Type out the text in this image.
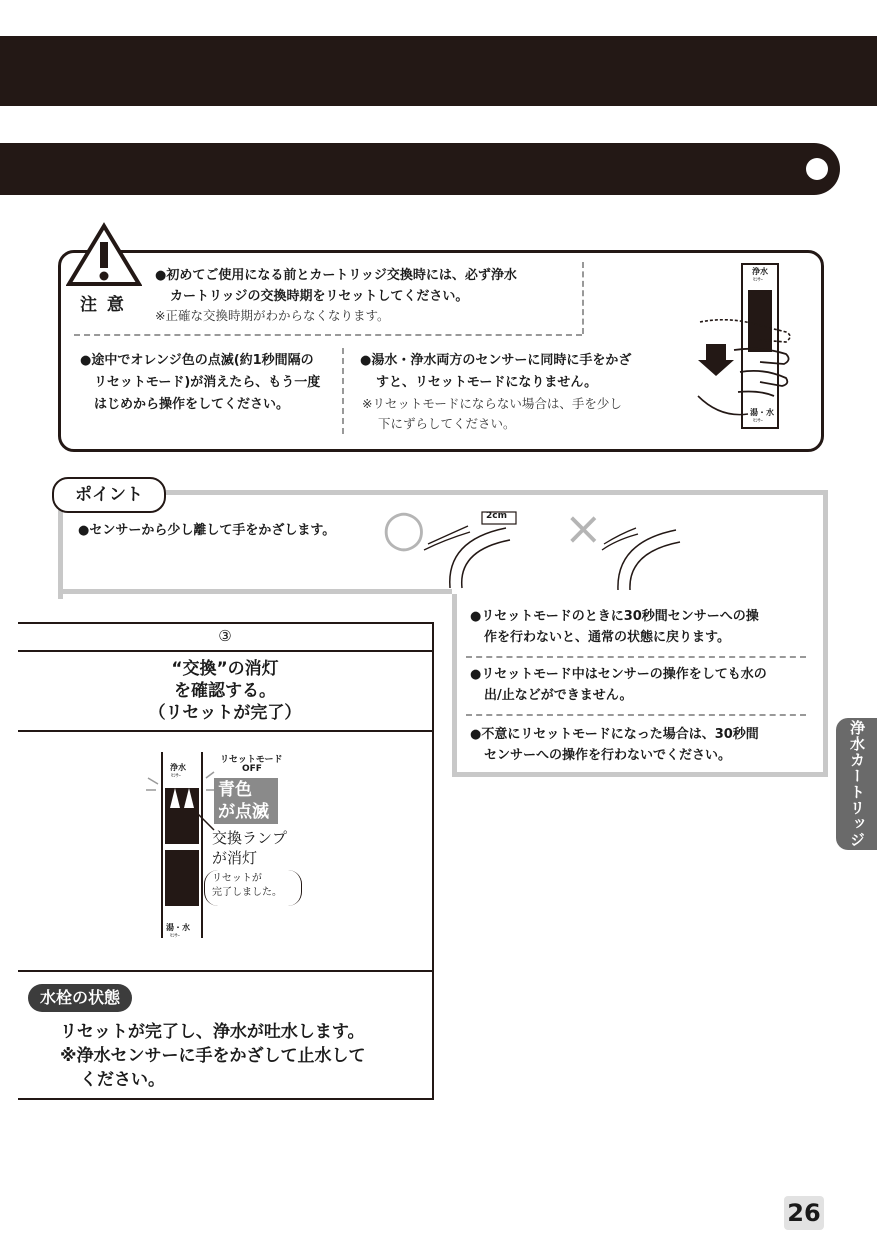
注 意
●初めてご使用になる前とカートリッジ交換時には、必ず浄水
カートリッジの交換時期をリセットしてください。
※正確な交換時期がわからなくなります。
●途中でオレンジ色の点滅(約1秒間隔の
リセットモード)が消えたら、もう一度
はじめから操作をしてください。
●湯水・浄水両方のセンサーに同時に手をかざ
すと、リセットモードになりません。
※リセットモードにならない場合は、手を少し
下にずらしてください。
浄水
ｾﾝｻｰ
湯・水
ｾﾝｻｰ
ポイント
●センサーから少し離して手をかざします。 ○	×
2cm
●リセットモードのときに30秒間センサーへの操
作を行わないと、通常の状態に戻ります。
●リセットモード中はセンサーの操作をしても水の
出/止などができません。
●不意にリセットモードになった場合は、30秒間
センサーへの操作を行わないでください。
③
“交換”の消灯
を確認する。
（リセットが完了）
浄水
ｾﾝｻｰ
湯・水
ｾﾝｻｰ
リセットモード
OFF
青色
が点滅
交換ランプ
が消灯
リセットが
完了しました。
水栓の状態
リセットが完了し、浄水が吐水します。
※浄水センサーに手をかざして止水して
ください。
浄水カートリッジ
26
